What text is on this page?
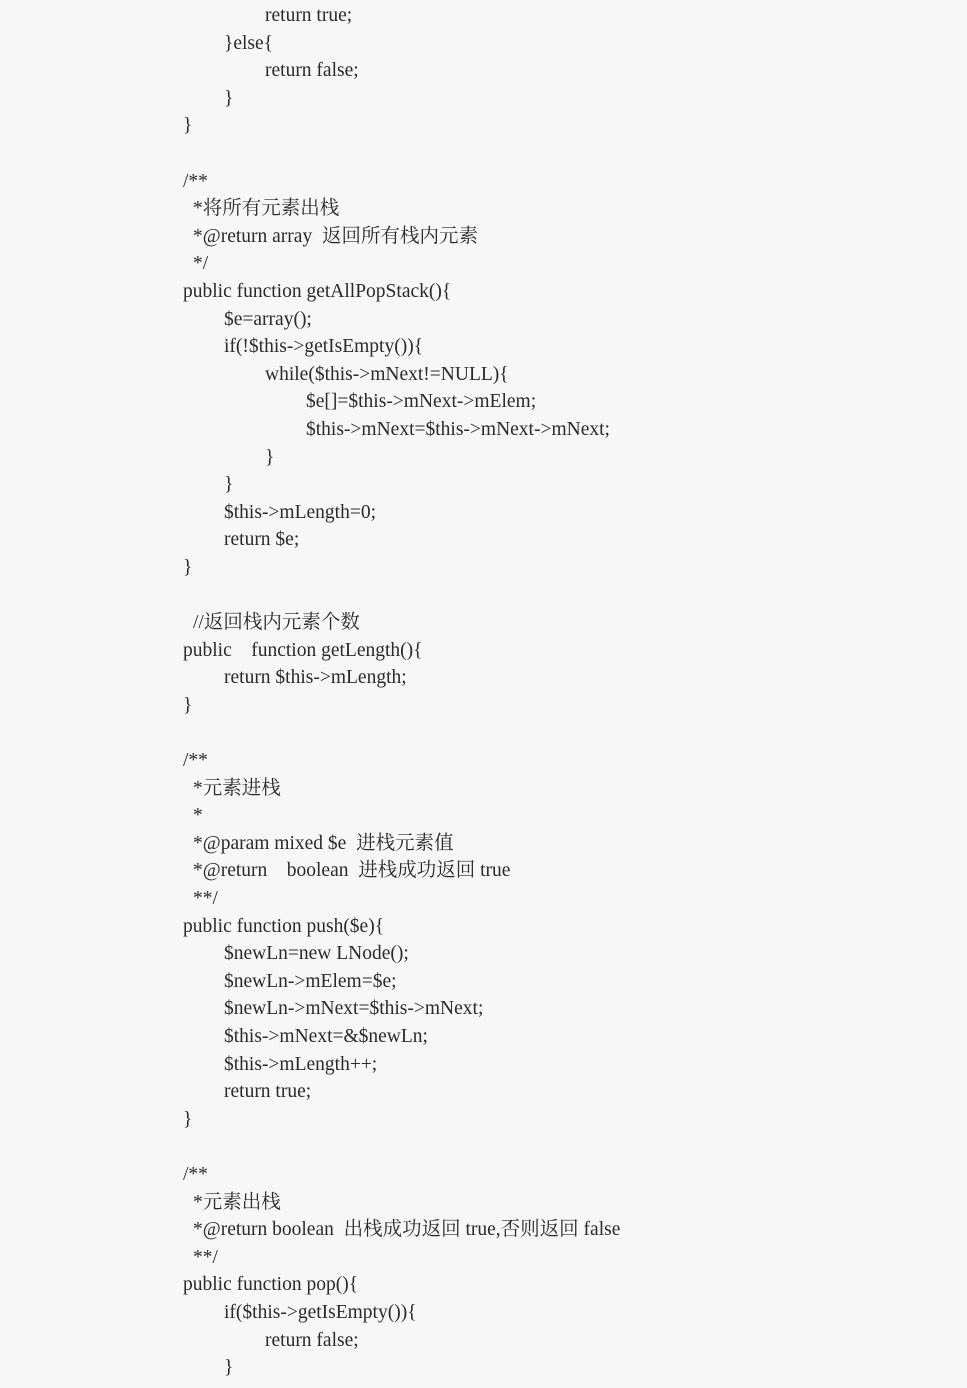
return true;
}else{
return false;
}
}
/**
*将所有元素出栈
*@return array  返回所有栈内元素
*/
public function getAllPopStack(){
$e=array();
if(!$this->getIsEmpty()){
while($this->mNext!=NULL){
$e[]=$this->mNext->mElem;
$this->mNext=$this->mNext->mNext;
}
}
$this->mLength=0;
return $e;
}
//返回栈内元素个数
public    function getLength(){
return $this->mLength;
}
/**
*元素进栈
*
*@param mixed $e  进栈元素值
*@return    boolean  进栈成功返回 true
**/
public function push($e){
$newLn=new LNode();
$newLn->mElem=$e;
$newLn->mNext=$this->mNext;
$this->mNext=&$newLn;
$this->mLength++;
return true;
}
/**
*元素出栈
*@return boolean  出栈成功返回 true,否则返回 false
**/
public function pop(){
if($this->getIsEmpty()){
return false;
}
